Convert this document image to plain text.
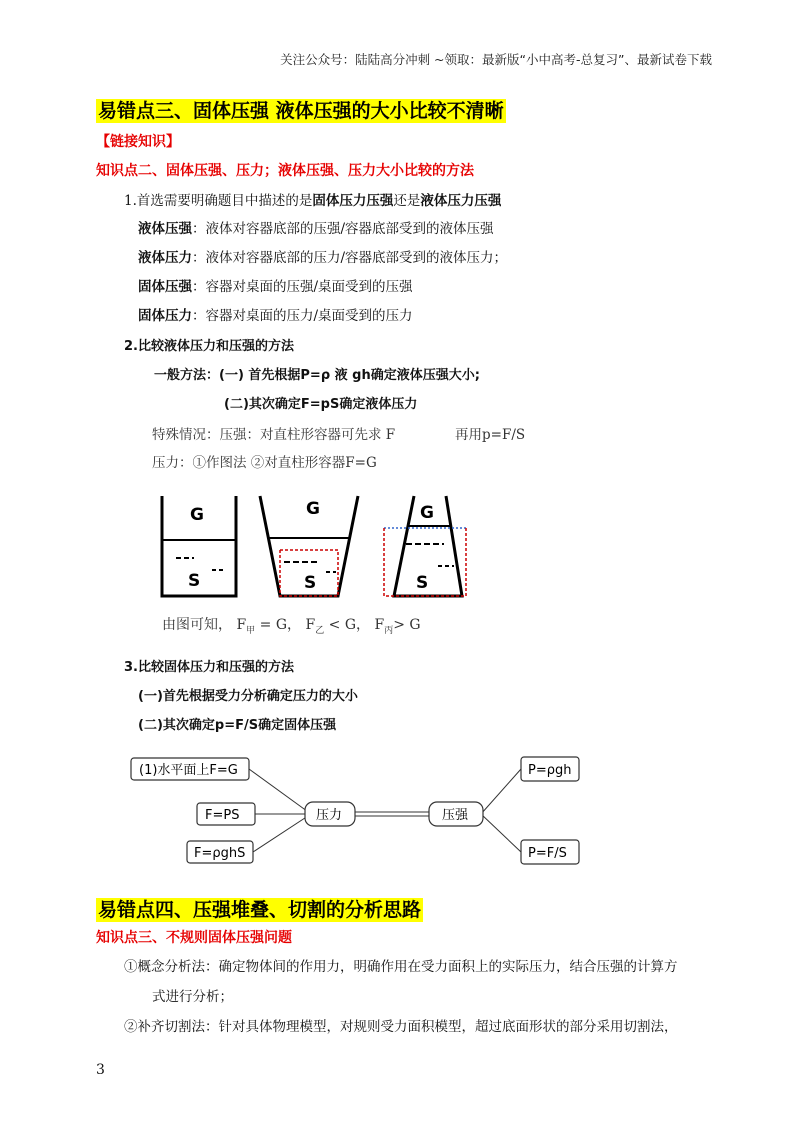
关注公众号：陆陆高分冲刺 ~领取：最新版“小中高考-总复习”、最新试卷下载
易错点三、固体压强 液体压强的大小比较不清晰
【链接知识】
知识点二、固体压强、压力；液体压强、压力大小比较的方法
1.首选需要明确题目中描述的是固体压力压强还是液体压力压强
液体压强：液体对容器底部的压强/容器底部受到的液体压强
液体压力：液体对容器底部的压力/容器底部受到的液体压力；
固体压强：容器对桌面的压强/桌面受到的压强
固体压力：容器对桌面的压力/桌面受到的压力
2.比较液体压力和压强的方法
一般方法：(一) 首先根据P=ρ 液 gh确定液体压强大小;
(二)其次确定F=pS确定液体压力
特殊情况：压强：对直柱形容器可先求 F	再用p=F/S
压力：①作图法 ②对直柱形容器F=G
G
S
G
S
G
S
由图可知， $F_甲 = G$， $F_乙 < G$， $F_丙> G$
3.比较固体压力和压强的方法
(一)首先根据受力分析确定压力的大小
(二)其次确定p=F/S确定固体压强
(1)水平面上F=G
F=PS
F=ρghS
压力	压强
P=ρgh
P=F/S
易错点四、压强堆叠、切割的分析思路
知识点三、不规则固体压强问题
①概念分析法：确定物体间的作用力，明确作用在受力面积上的实际压力，结合压强的计算方
式进行分析；
②补齐切割法：针对具体物理模型，对规则受力面积模型，超过底面形状的部分采用切割法，
3
